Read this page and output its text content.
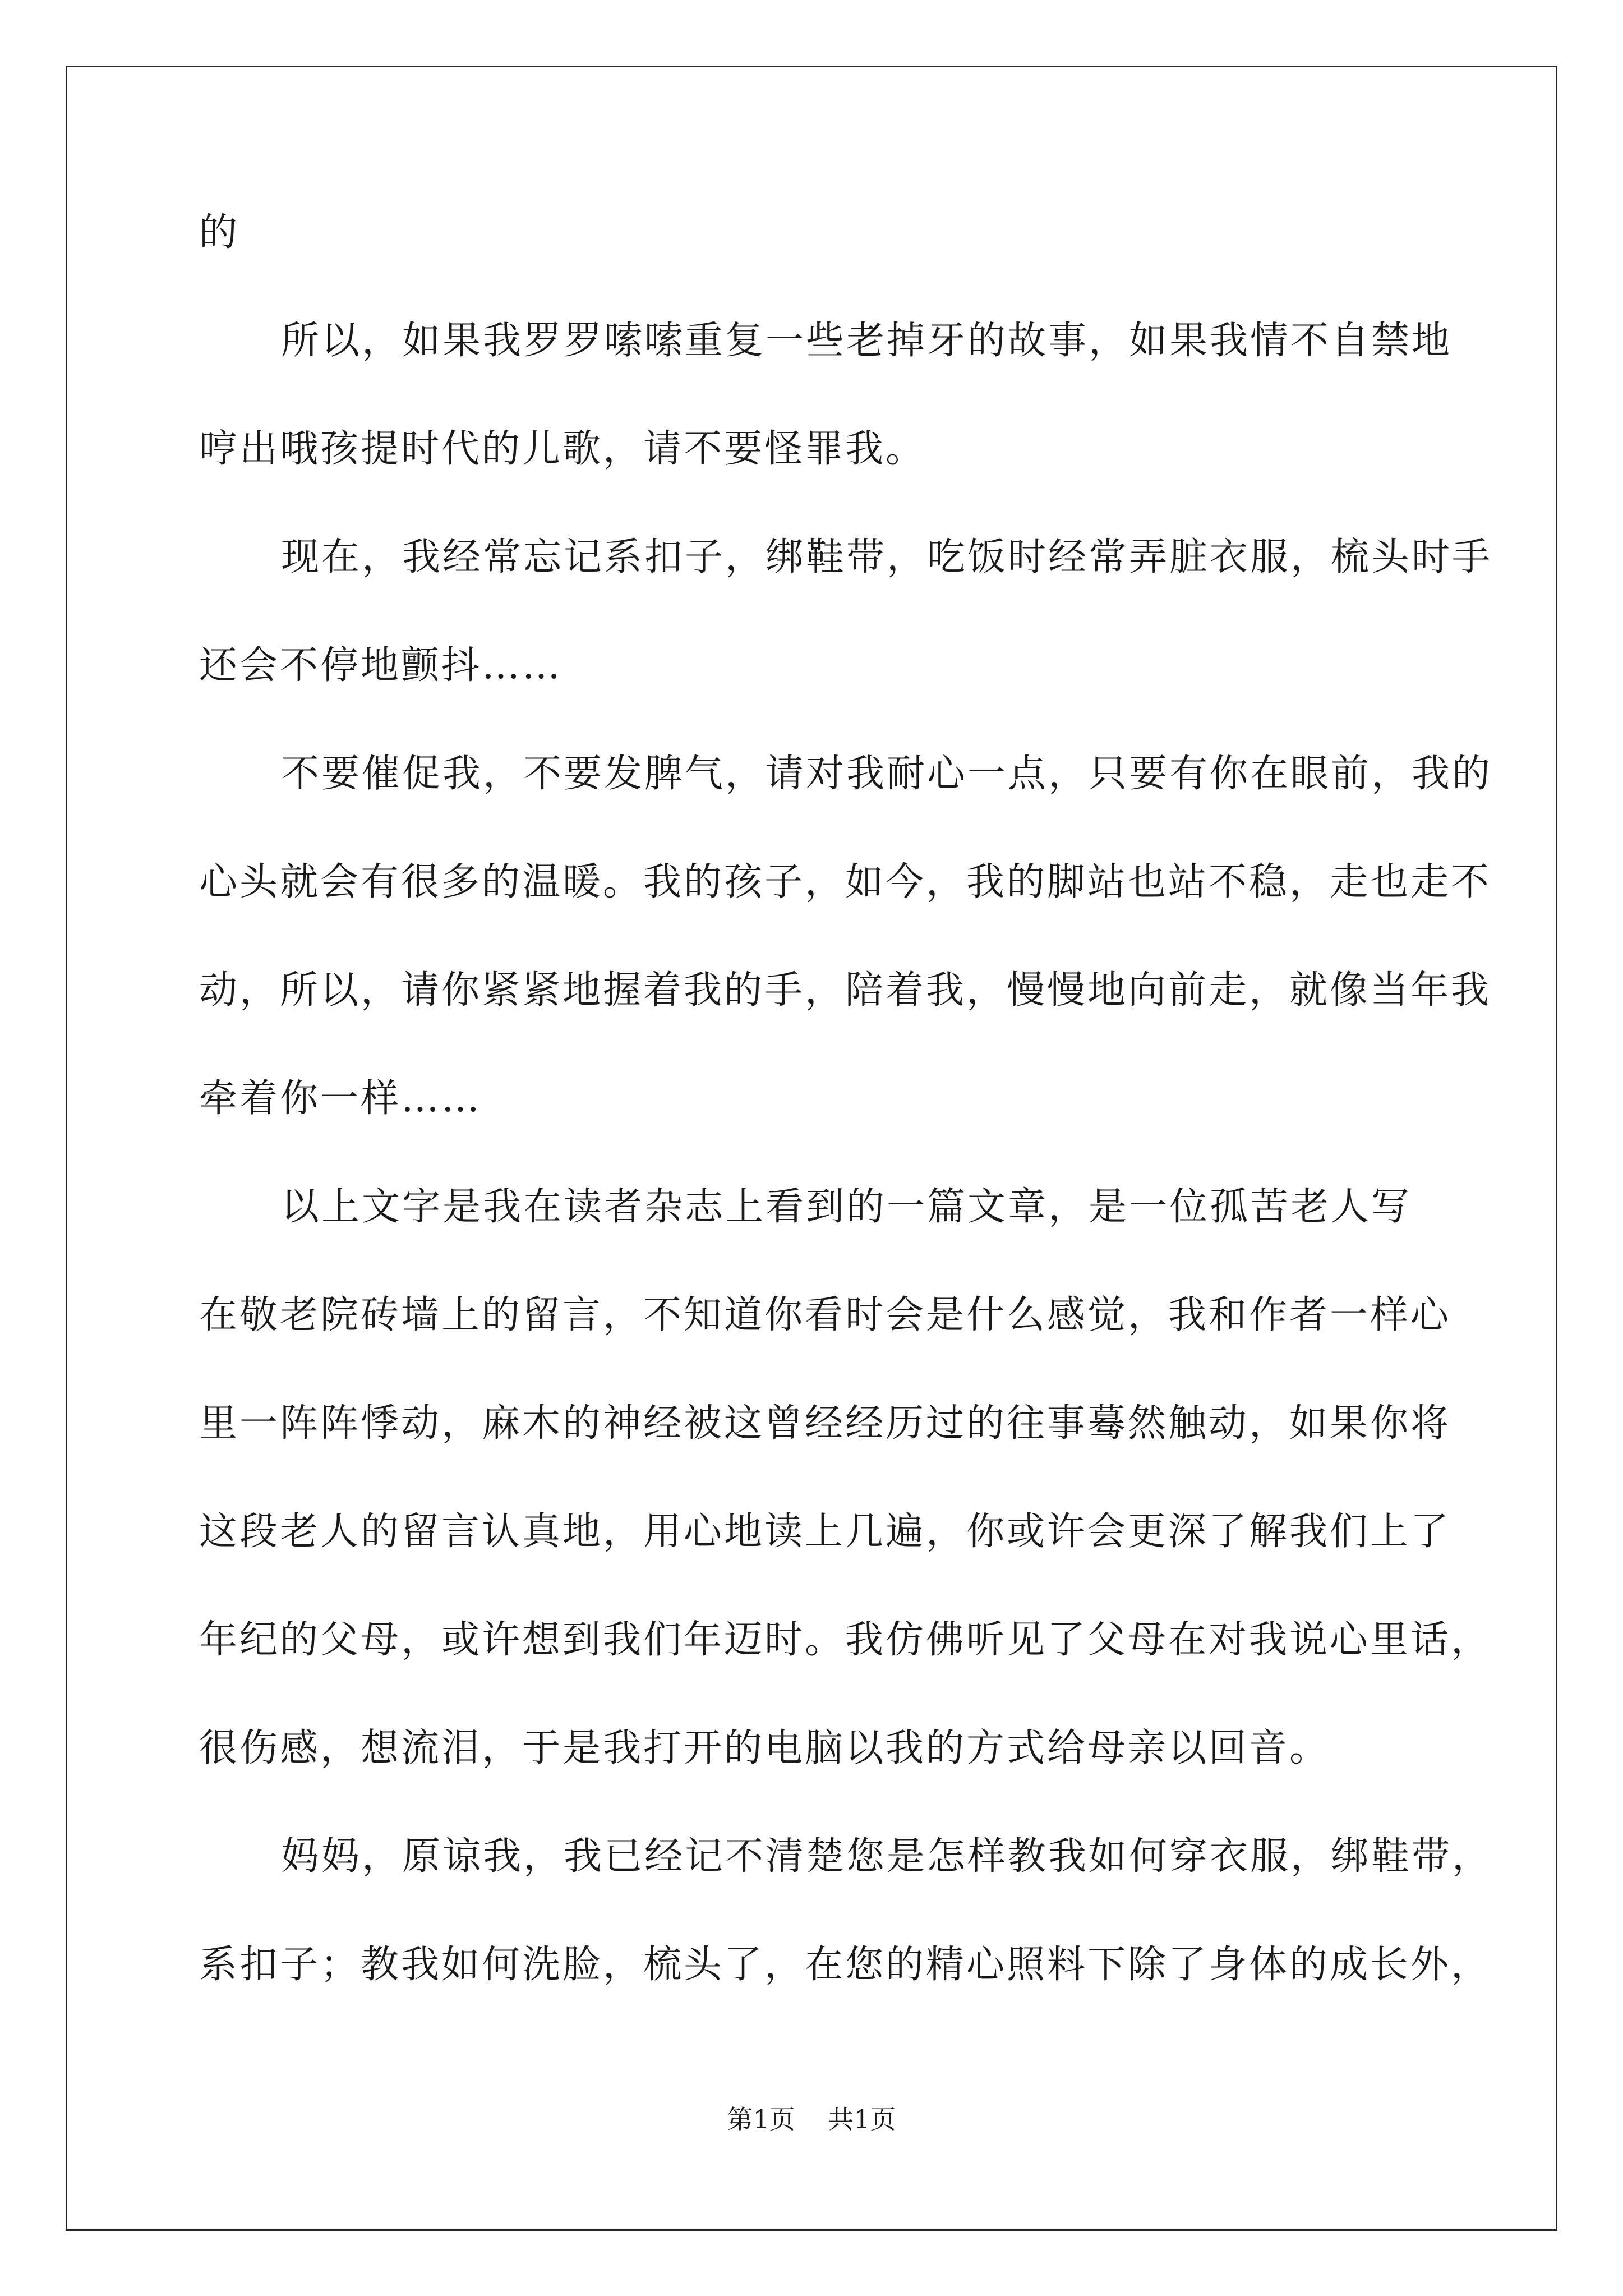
的
所以，如果我罗罗嗦嗦重复一些老掉牙的故事，如果我情不自禁地
哼出哦孩提时代的儿歌，请不要怪罪我。
现在，我经常忘记系扣子，绑鞋带，吃饭时经常弄脏衣服，梳头时手
还会不停地颤抖……
不要催促我，不要发脾气，请对我耐心一点，只要有你在眼前，我的
心头就会有很多的温暖。我的孩子，如今，我的脚站也站不稳，走也走不
动，所以，请你紧紧地握着我的手，陪着我，慢慢地向前走，就像当年我
牵着你一样……
以上文字是我在读者杂志上看到的一篇文章，是一位孤苦老人写
在敬老院砖墙上的留言，不知道你看时会是什么感觉，我和作者一样心
里一阵阵悸动，麻木的神经被这曾经经历过的往事蓦然触动，如果你将
这段老人的留言认真地，用心地读上几遍，你或许会更深了解我们上了
年纪的父母，或许想到我们年迈时。我仿佛听见了父母在对我说心里话，
很伤感，想流泪，于是我打开的电脑以我的方式给母亲以回音。
妈妈，原谅我，我已经记不清楚您是怎样教我如何穿衣服，绑鞋带，
系扣子；教我如何洗脸，梳头了，在您的精心照料下除了身体的成长外，
第1页 共1页
